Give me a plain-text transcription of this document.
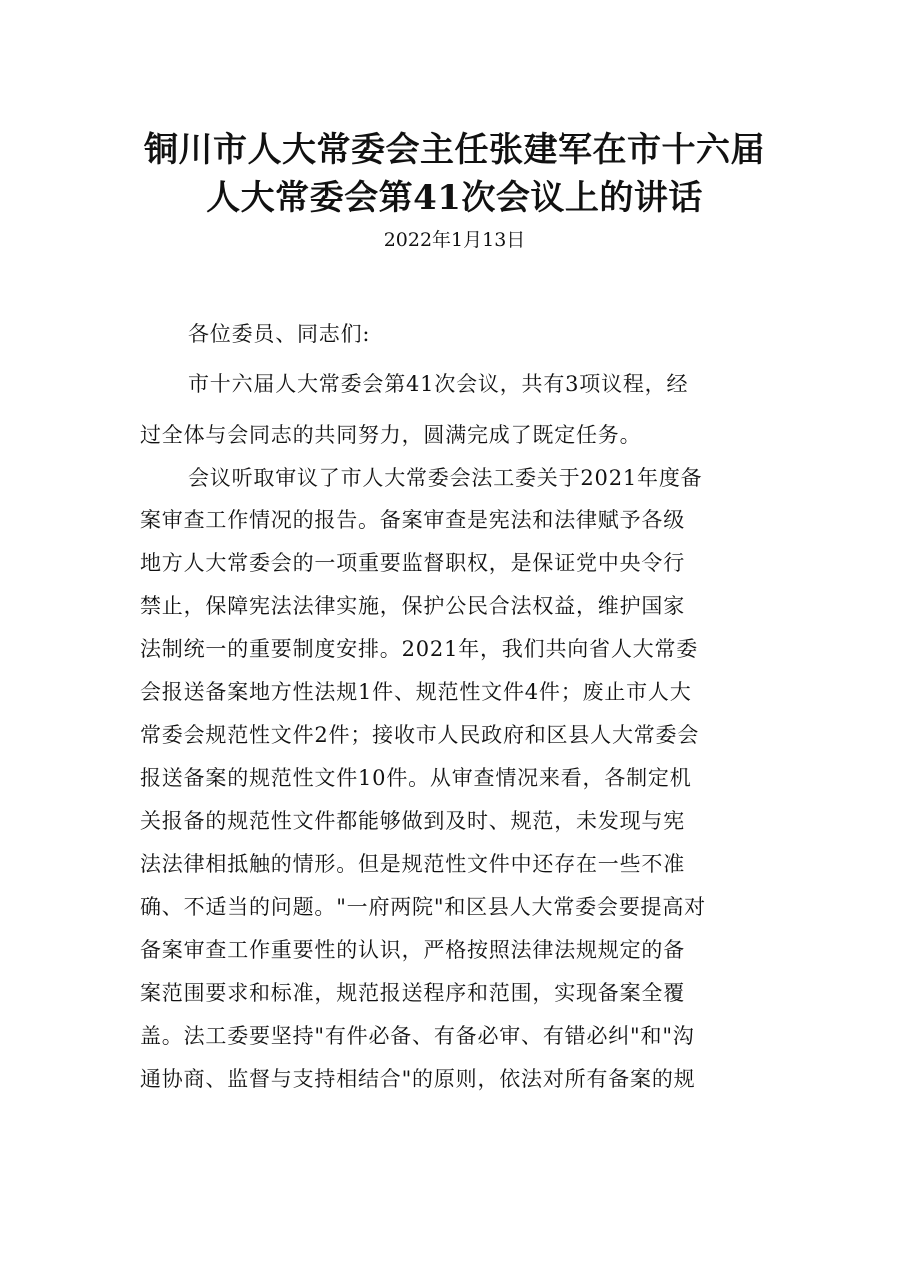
铜川市人大常委会主任张建军在市十六届
人大常委会第41次会议上的讲话
2022年1月13日
各位委员、同志们:
市十六届人大常委会第41次会议，共有3项议程，经
过全体与会同志的共同努力，圆满完成了既定任务。
会议听取审议了市人大常委会法工委关于2021年度备
案审查工作情况的报告。备案审查是宪法和法律赋予各级
地方人大常委会的一项重要监督职权，是保证党中央令行
禁止，保障宪法法律实施，保护公民合法权益，维护国家
法制统一的重要制度安排。2021年，我们共向省人大常委
会报送备案地方性法规1件、规范性文件4件；废止市人大
常委会规范性文件2件；接收市人民政府和区县人大常委会
报送备案的规范性文件10件。从审查情况来看，各制定机
关报备的规范性文件都能够做到及时、规范，未发现与宪
法法律相抵触的情形。但是规范性文件中还存在一些不准
确、不适当的问题。"一府两院"和区县人大常委会要提高对
备案审查工作重要性的认识，严格按照法律法规规定的备
案范围要求和标准，规范报送程序和范围，实现备案全覆
盖。法工委要坚持"有件必备、有备必审、有错必纠"和"沟
通协商、监督与支持相结合"的原则，依法对所有备案的规
